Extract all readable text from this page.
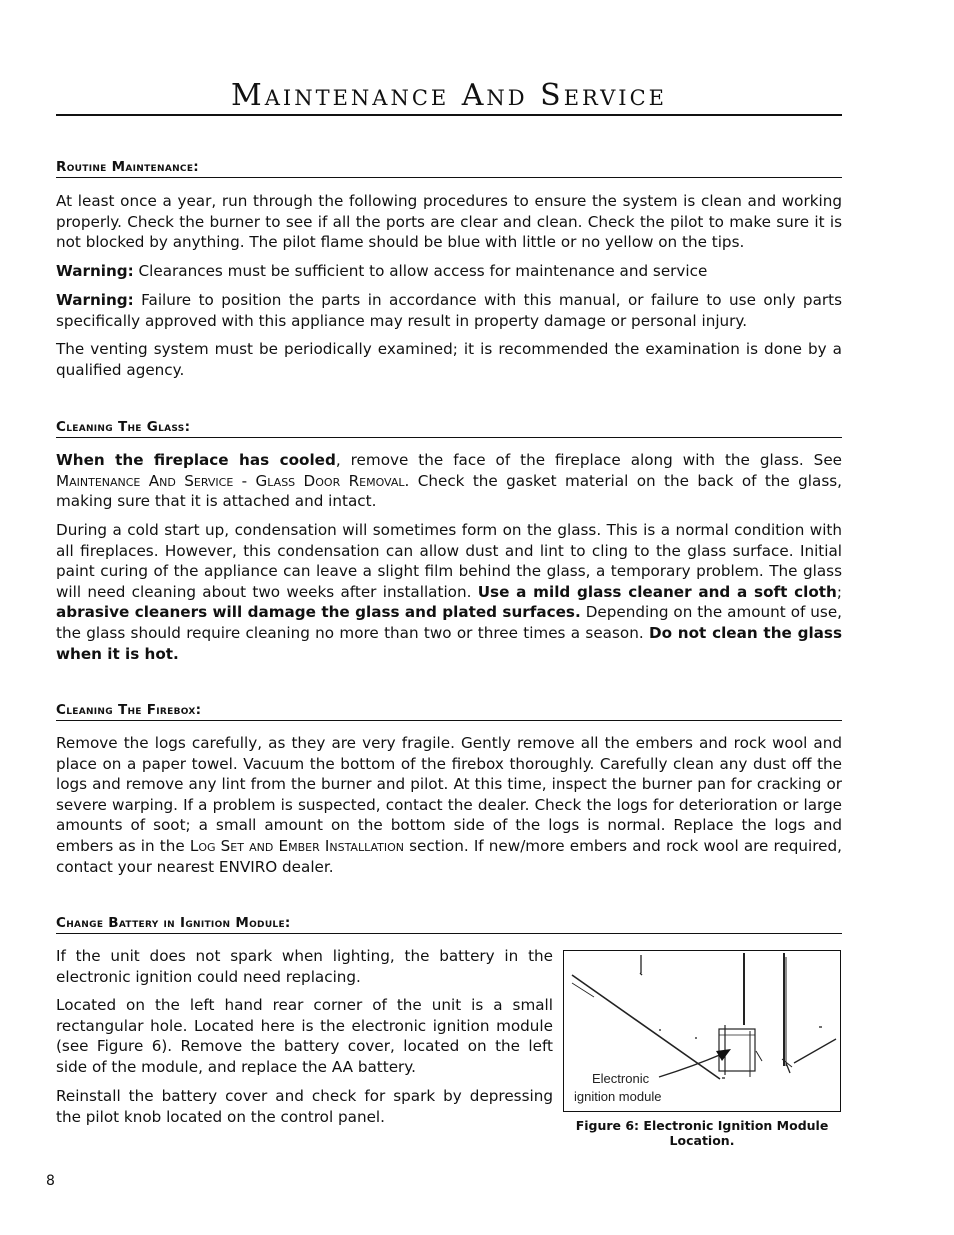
Maintenance And Service
Routine Maintenance:

At least once a year, run through the following procedures to ensure the system is clean and working properly. Check the burner to see if all the ports are clear and clean. Check the pilot to make sure it is not blocked by anything. The pilot flame should be blue with little or no yellow on the tips.

Warning: Clearances must be sufficient to allow access for maintenance and service

Warning: Failure to position the parts in accordance with this manual, or failure to use only parts specifically approved with this appliance may result in property damage or personal injury.

The venting system must be periodically examined; it is recommended the examination is done by a qualified agency.

Cleaning The Glass:

When the fireplace has cooled, remove the face of the fireplace along with the glass. See Maintenance And Service - Glass Door Removal. Check the gasket material on the back of the glass, making sure that it is attached and intact.

During a cold start up, condensation will sometimes form on the glass. This is a normal condition with all fireplaces. However, this condensation can allow dust and lint to cling to the glass surface. Initial paint curing of the appliance can leave a slight film behind the glass, a temporary problem. The glass will need cleaning about two weeks after installation. Use a mild glass cleaner and a soft cloth; abrasive cleaners will damage the glass and plated surfaces. Depending on the amount of use, the glass should require cleaning no more than two or three times a season. Do not clean the glass when it is hot.

Cleaning The Firebox:

Remove the logs carefully, as they are very fragile. Gently remove all the embers and rock wool and place on a paper towel. Vacuum the bottom of the firebox thoroughly. Carefully clean any dust off the logs and remove any lint from the burner and pilot. At this time, inspect the burner pan for cracking or severe warping. If a problem is suspected, contact the dealer. Check the logs for deterioration or large amounts of soot; a small amount on the bottom side of the logs is normal. Replace the logs and embers as in the Log Set and Ember Installation section. If new/more embers and rock wool are required, contact your nearest ENVIRO dealer.

Change Battery in Ignition Module:

If the unit does not spark when lighting, the battery in the electronic ignition could need replacing.

Located on the left hand rear corner of the unit is a small rectangular hole. Located here is the electronic ignition module (see Figure 6). Remove the battery cover, located on the left side of the module, and replace the AA battery.

Reinstall the battery cover and check for spark by depressing the pilot knob located on the control panel.

Electronic
ignition module

Figure 6: Electronic Ignition Module
Location.

8
